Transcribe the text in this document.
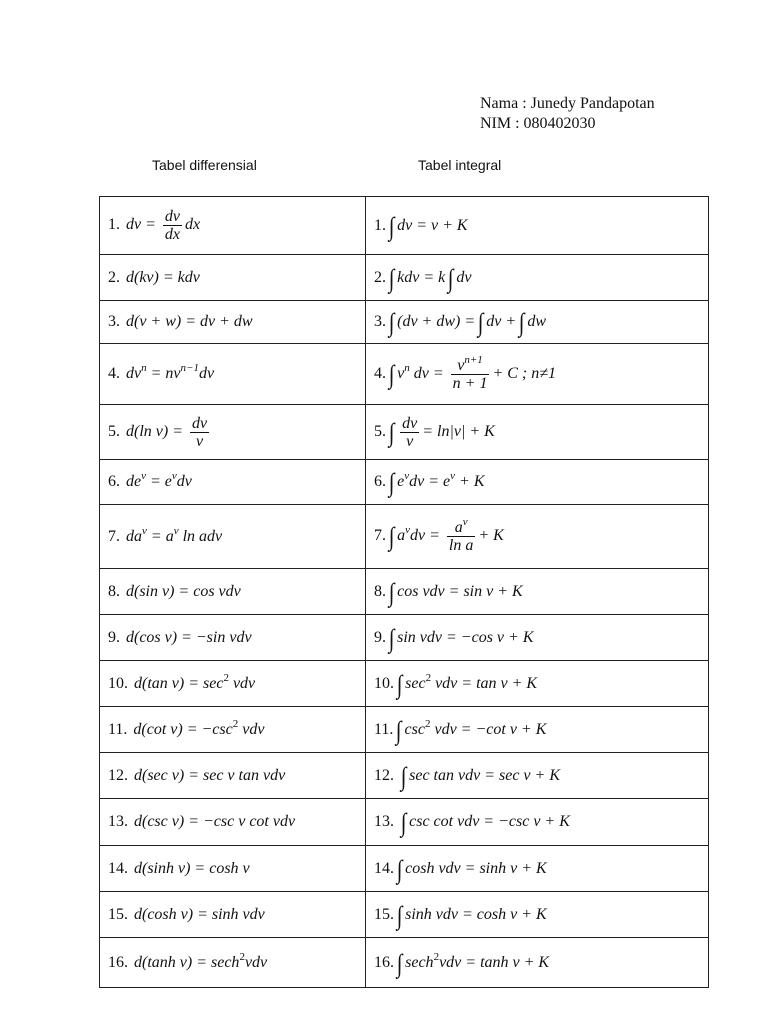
Nama : Junedy Pandapotan
NIM : 080402030
Tabel differensial	Tabel integral
1. dv = $\frac{dv}{dx}$ dx	1. ∫ dv = v + K
2. d(kv) = kdv	2. ∫ kdv = k ∫ dv
3. d(v + w) = dv + dw	3. ∫ (dv + dw) = ∫ dv + ∫ dw
4. $dv^n = nv^{n-1}dv$	4. ∫ $v^n$ dv = $\frac{v^{n+1}}{n + 1} + C$ ; n≠1
5. d(ln $v) = \frac{dv}{v}$	5. ∫ $\frac{dv}{v} = \ln|v| + K$
6. $de^v = e^vdv$	6. ∫ $e^vdv = e^v + K$
7. $da^v = a^v$ ln adv	7. ∫ $a^vdv = \frac{a^v}{\text{ln a}} + K$
8. d(sin v) = cos vdv	8. ∫ cos vdv = sin v + K
9. d(cos v) = −sin vdv	9. ∫ sin vdv = −cos v + K
10. d(tan $v) = \sec^2$ vdv	10. ∫ $\sec^2$ vdv = tan v + K
11. d(cot $v) = -\csc^2$ vdv	11. ∫ $\csc^2$ vdv = −cot v + K
12. d(sec v) = sec v tan vdv	12. ∫ sec tan vdv = sec v + K
13. d(csc v) = −csc v cot vdv	13. ∫ csc cot vdv = −csc v + K
14. d(sinh v) = cosh v	14. ∫ cosh vdv = sinh v + K
15. d(cosh v) = sinh vdv	15. ∫ sinh vdv = cosh v + K
16. d(tanh v) = sech$^2$vdv	16. ∫ sech$^2$vdv = tanh v + K
